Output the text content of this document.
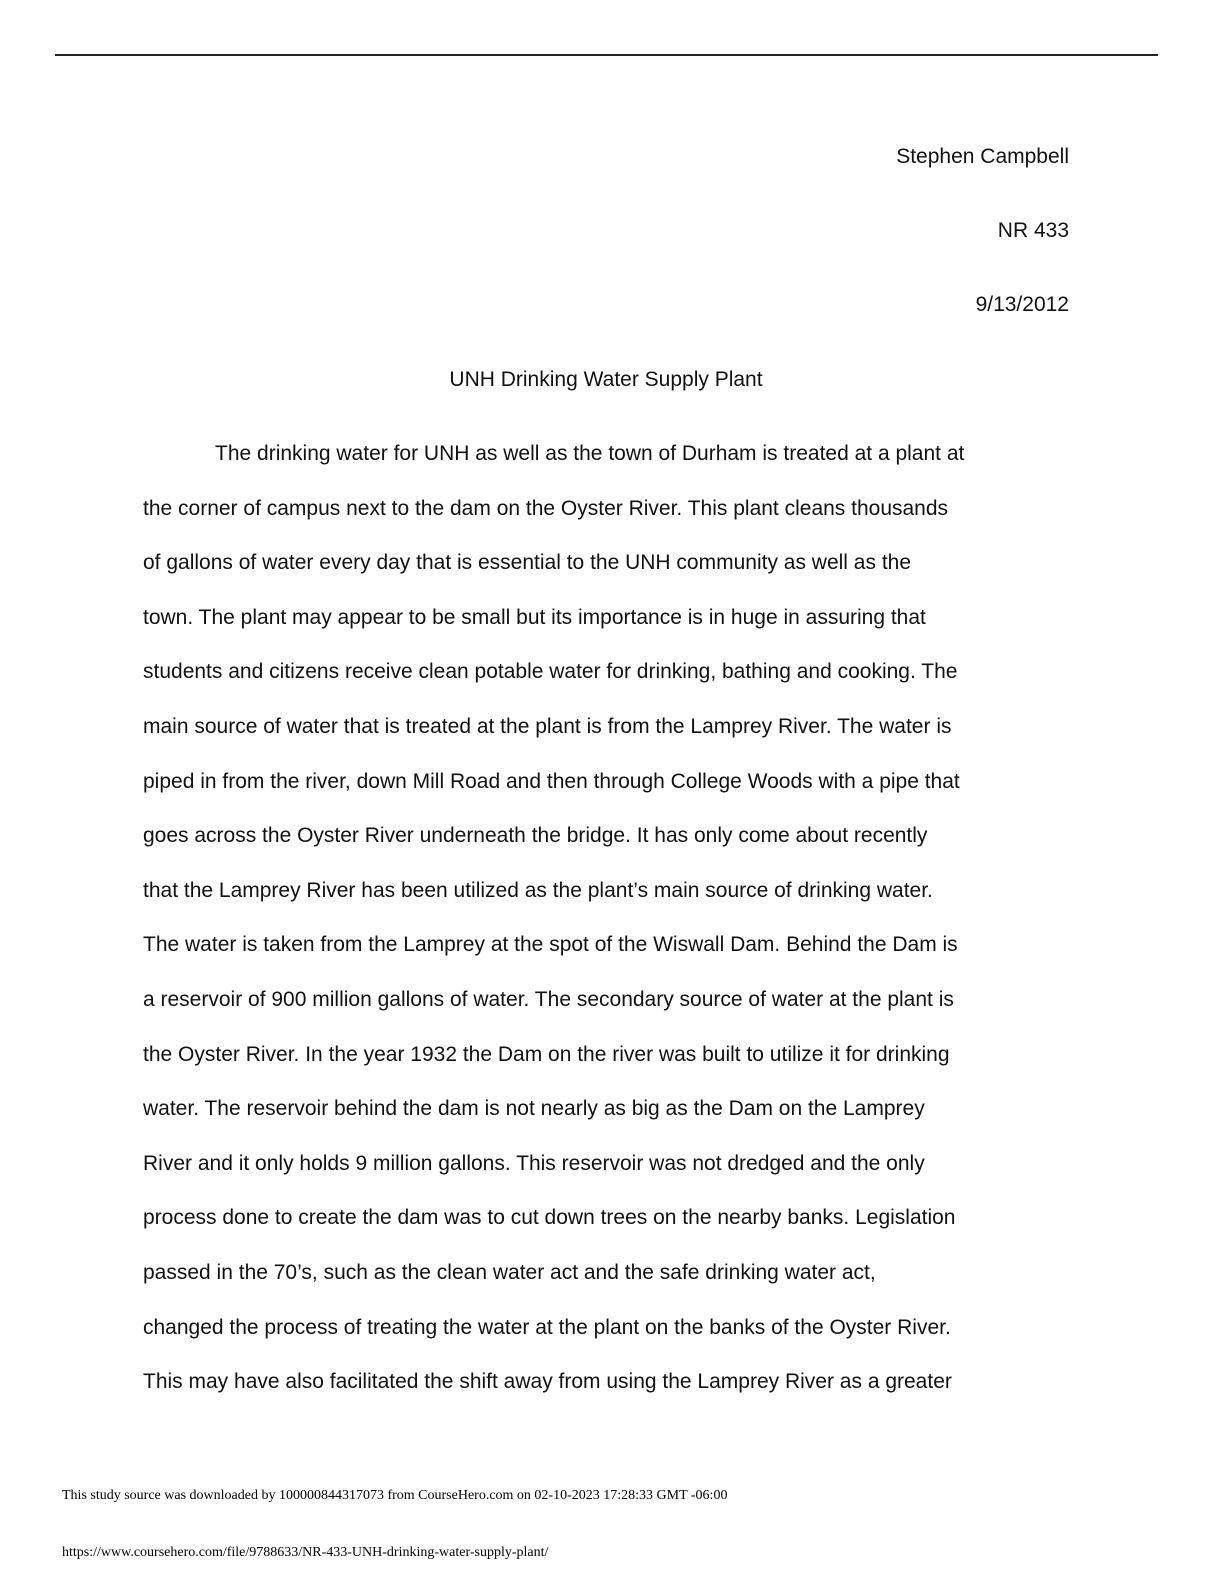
Stephen Campbell
NR 433
9/13/2012
UNH Drinking Water Supply Plant
The drinking water for UNH as well as the town of Durham is treated at a plant at
the corner of campus next to the dam on the Oyster River. This plant cleans thousands
of gallons of water every day that is essential to the UNH community as well as the
town. The plant may appear to be small but its importance is in huge in assuring that
students and citizens receive clean potable water for drinking, bathing and cooking. The
main source of water that is treated at the plant is from the Lamprey River. The water is
piped in from the river, down Mill Road and then through College Woods with a pipe that
goes across the Oyster River underneath the bridge. It has only come about recently
that the Lamprey River has been utilized as the plant’s main source of drinking water.
The water is taken from the Lamprey at the spot of the Wiswall Dam. Behind the Dam is
a reservoir of 900 million gallons of water. The secondary source of water at the plant is
the Oyster River. In the year 1932 the Dam on the river was built to utilize it for drinking
water. The reservoir behind the dam is not nearly as big as the Dam on the Lamprey
River and it only holds 9 million gallons. This reservoir was not dredged and the only
process done to create the dam was to cut down trees on the nearby banks. Legislation
passed in the 70’s, such as the clean water act and the safe drinking water act,
changed the process of treating the water at the plant on the banks of the Oyster River.
This may have also facilitated the shift away from using the Lamprey River as a greater
This study source was downloaded by 100000844317073 from CourseHero.com on 02-10-2023 17:28:33 GMT -06:00
https://www.coursehero.com/file/9788633/NR-433-UNH-drinking-water-supply-plant/
